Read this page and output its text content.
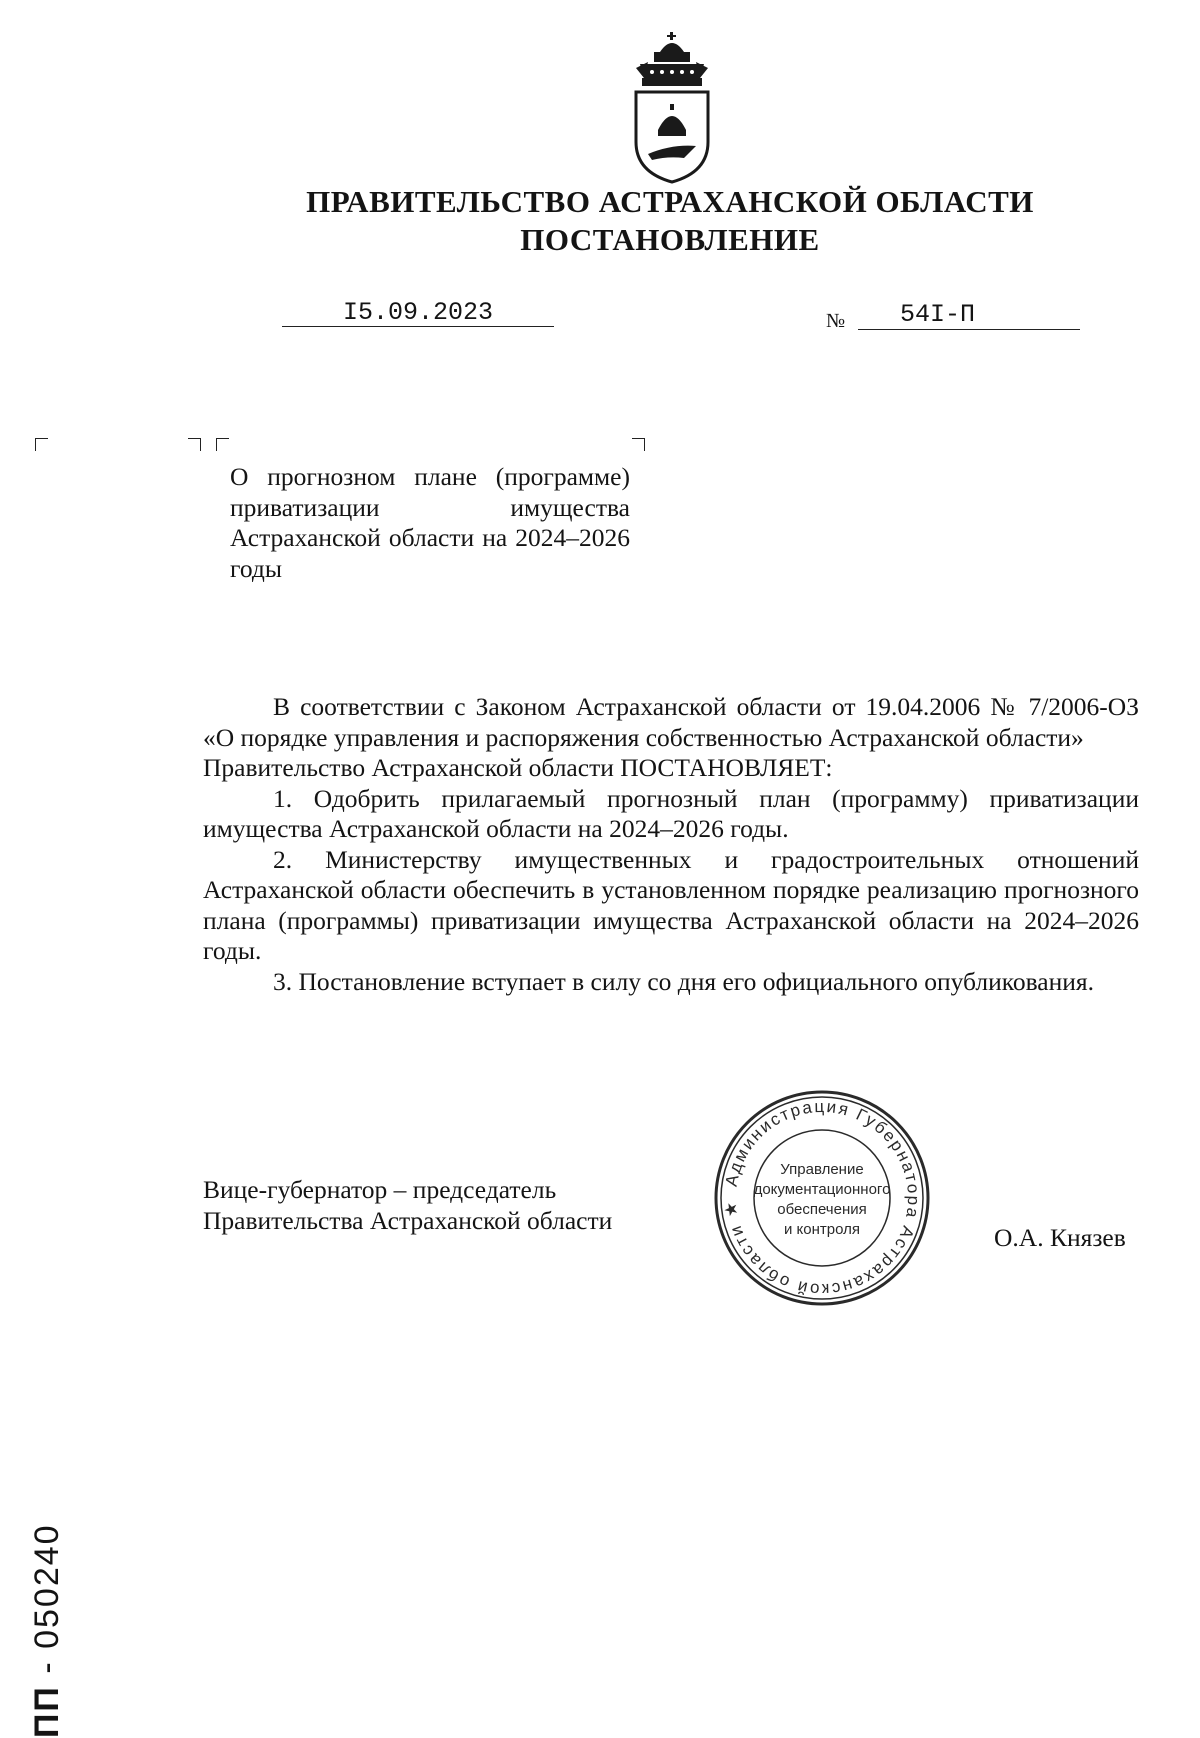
ПРАВИТЕЛЬСТВО АСТРАХАНСКОЙ ОБЛАСТИ
ПОСТАНОВЛЕНИЕ
I5.09.2023	№ 54I-П
О прогнозном плане (программе) приватизации имущества Астраханской области на 2024–2026 годы

В соответствии с Законом Астраханской области от 19.04.2006 № 7/2006-ОЗ «О порядке управления и распоряжения собственностью Астраханской области»

Правительство Астраханской области ПОСТАНОВЛЯЕТ:

1. Одобрить прилагаемый прогнозный план (программу) приватизации имущества Астраханской области на 2024–2026 годы.

2. Министерству имущественных и градостроительных отношений Астраханской области обеспечить в установленном порядке реализацию прогнозного плана (программы) приватизации имущества Астраханской области на 2024–2026 годы.

3. Постановление вступает в силу со дня его официального опубликования.

Вице-губернатор – председатель
Правительства Астраханской области
О.А. Князев
Администрация Губернатора Астраханской области ★
Управление
документационного
обеспечения
и контроля
ПП - 050240
